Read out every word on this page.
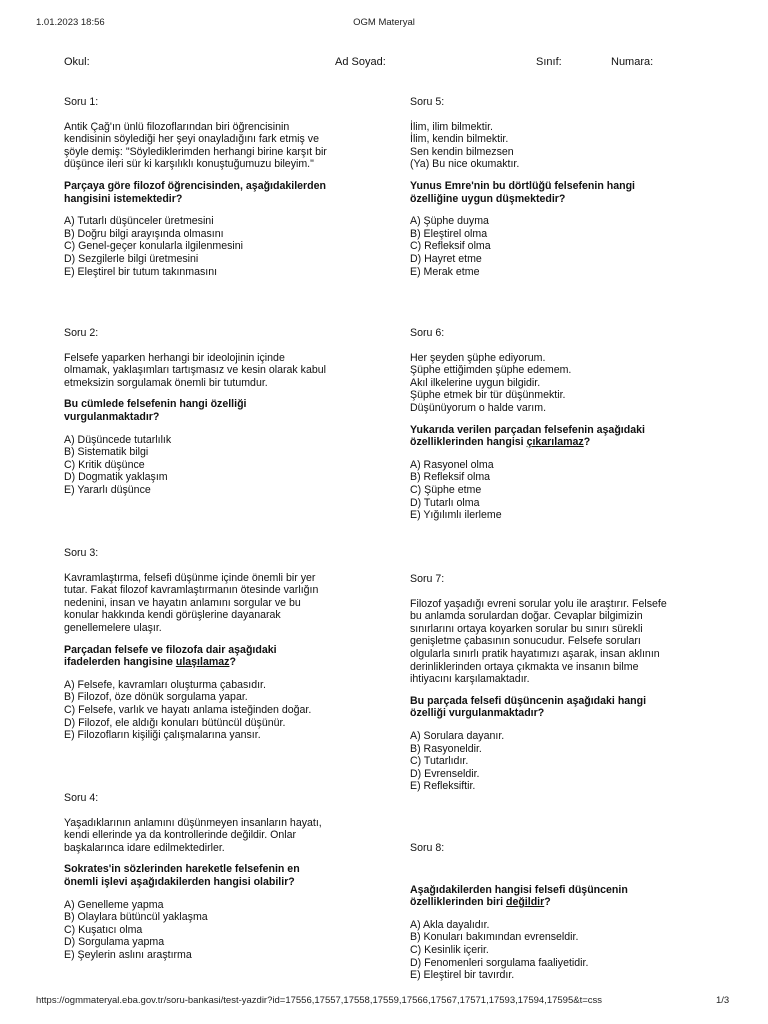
1.01.2023 18:56	OGM Materyal
Okul:	Ad Soyad:	Sınıf:	Numara:
Soru 1:

Antik Çağ'ın ünlü filozoflarından biri öğrencisinin
kendisinin söylediği her şeyi onayladığını fark etmiş ve
şöyle demiş: "Söylediklerimden herhangi birine karşıt bir
düşünce ileri sür ki karşılıklı konuştuğumuzu bileyim."

Parçaya göre filozof öğrencisinden, aşağıdakilerden
hangisini istemektedir?
A) Tutarlı düşünceler üretmesini
B) Doğru bilgi arayışında olmasını
C) Genel-geçer konularla ilgilenmesini
D) Sezgilerle bilgi üretmesini
E) Eleştirel bir tutum takınmasını
Soru 2:

Felsefe yaparken herhangi bir ideolojinin içinde
olmamak, yaklaşımları tartışmasız ve kesin olarak kabul
etmeksizin sorgulamak önemli bir tutumdur.

Bu cümlede felsefenin hangi özelliği
vurgulanmaktadır?
A) Düşüncede tutarlılık
B) Sistematik bilgi
C) Kritik düşünce
D) Dogmatik yaklaşım
E) Yararlı düşünce
Soru 3:

Kavramlaştırma, felsefi düşünme içinde önemli bir yer
tutar. Fakat filozof kavramlaştırmanın ötesinde varlığın
nedenini, insan ve hayatın anlamını sorgular ve bu
konular hakkında kendi görüşlerine dayanarak
genellemelere ulaşır.

Parçadan felsefe ve filozofa dair aşağıdaki
ifadelerden hangisine ulaşılamaz?
A) Felsefe, kavramları oluşturma çabasıdır.
B) Filozof, öze dönük sorgulama yapar.
C) Felsefe, varlık ve hayatı anlama isteğinden doğar.
D) Filozof, ele aldığı konuları bütüncül düşünür.
E) Filozofların kişiliği çalışmalarına yansır.
Soru 4:

Yaşadıklarının anlamını düşünmeyen insanların hayatı,
kendi ellerinde ya da kontrollerinde değildir. Onlar
başkalarınca idare edilmektedirler.

Sokrates'in sözlerinden hareketle felsefenin en
önemli işlevi aşağıdakilerden hangisi olabilir?
A) Genelleme yapma
B) Olaylara bütüncül yaklaşma
C) Kuşatıcı olma
D) Sorgulama yapma
E) Şeylerin aslını araştırma
Soru 5:

İlim, ilim bilmektir.
İlim, kendin bilmektir.
Sen kendin bilmezsen
(Ya) Bu nice okumaktır.

Yunus Emre'nin bu dörtlüğü felsefenin hangi
özelliğine uygun düşmektedir?
A) Şüphe duyma
B) Eleştirel olma
C) Refleksif olma
D) Hayret etme
E) Merak etme
Soru 6:

Her şeyden şüphe ediyorum.
Şüphe ettiğimden şüphe edemem.
Akıl ilkelerine uygun bilgidir.
Şüphe etmek bir tür düşünmektir.
Düşünüyorum o halde varım.

Yukarıda verilen parçadan felsefenin aşağıdaki
özelliklerinden hangisi çıkarılamaz?
A) Rasyonel olma
B) Refleksif olma
C) Şüphe etme
D) Tutarlı olma
E) Yığılımlı ilerleme
Soru 7:

Filozof yaşadığı evreni sorular yolu ile araştırır. Felsefe
bu anlamda sorulardan doğar. Cevaplar bilgimizin
sınırlarını ortaya koyarken sorular bu sınırı sürekli
genişletme çabasının sonucudur. Felsefe soruları
olgularla sınırlı pratik hayatımızı aşarak, insan aklının
derinliklerinden ortaya çıkmakta ve insanın bilme
ihtiyacını karşılamaktadır.

Bu parçada felsefi düşüncenin aşağıdaki hangi
özelliği vurgulanmaktadır?
A) Sorulara dayanır.
B) Rasyoneldir.
C) Tutarlıdır.
D) Evrenseldir.
E) Refleksiftir.
Soru 8:
Aşağıdakilerden hangisi felsefi düşüncenin
özelliklerinden biri değildir?
A) Akla dayalıdır.
B) Konuları bakımından evrenseldir.
C) Kesinlik içerir.
D) Fenomenleri sorgulama faaliyetidir.
E) Eleştirel bir tavırdır.
https://ogmmateryal.eba.gov.tr/soru-bankasi/test-yazdir?id=17556,17557,17558,17559,17566,17567,17571,17593,17594,17595&t=css	1/3
